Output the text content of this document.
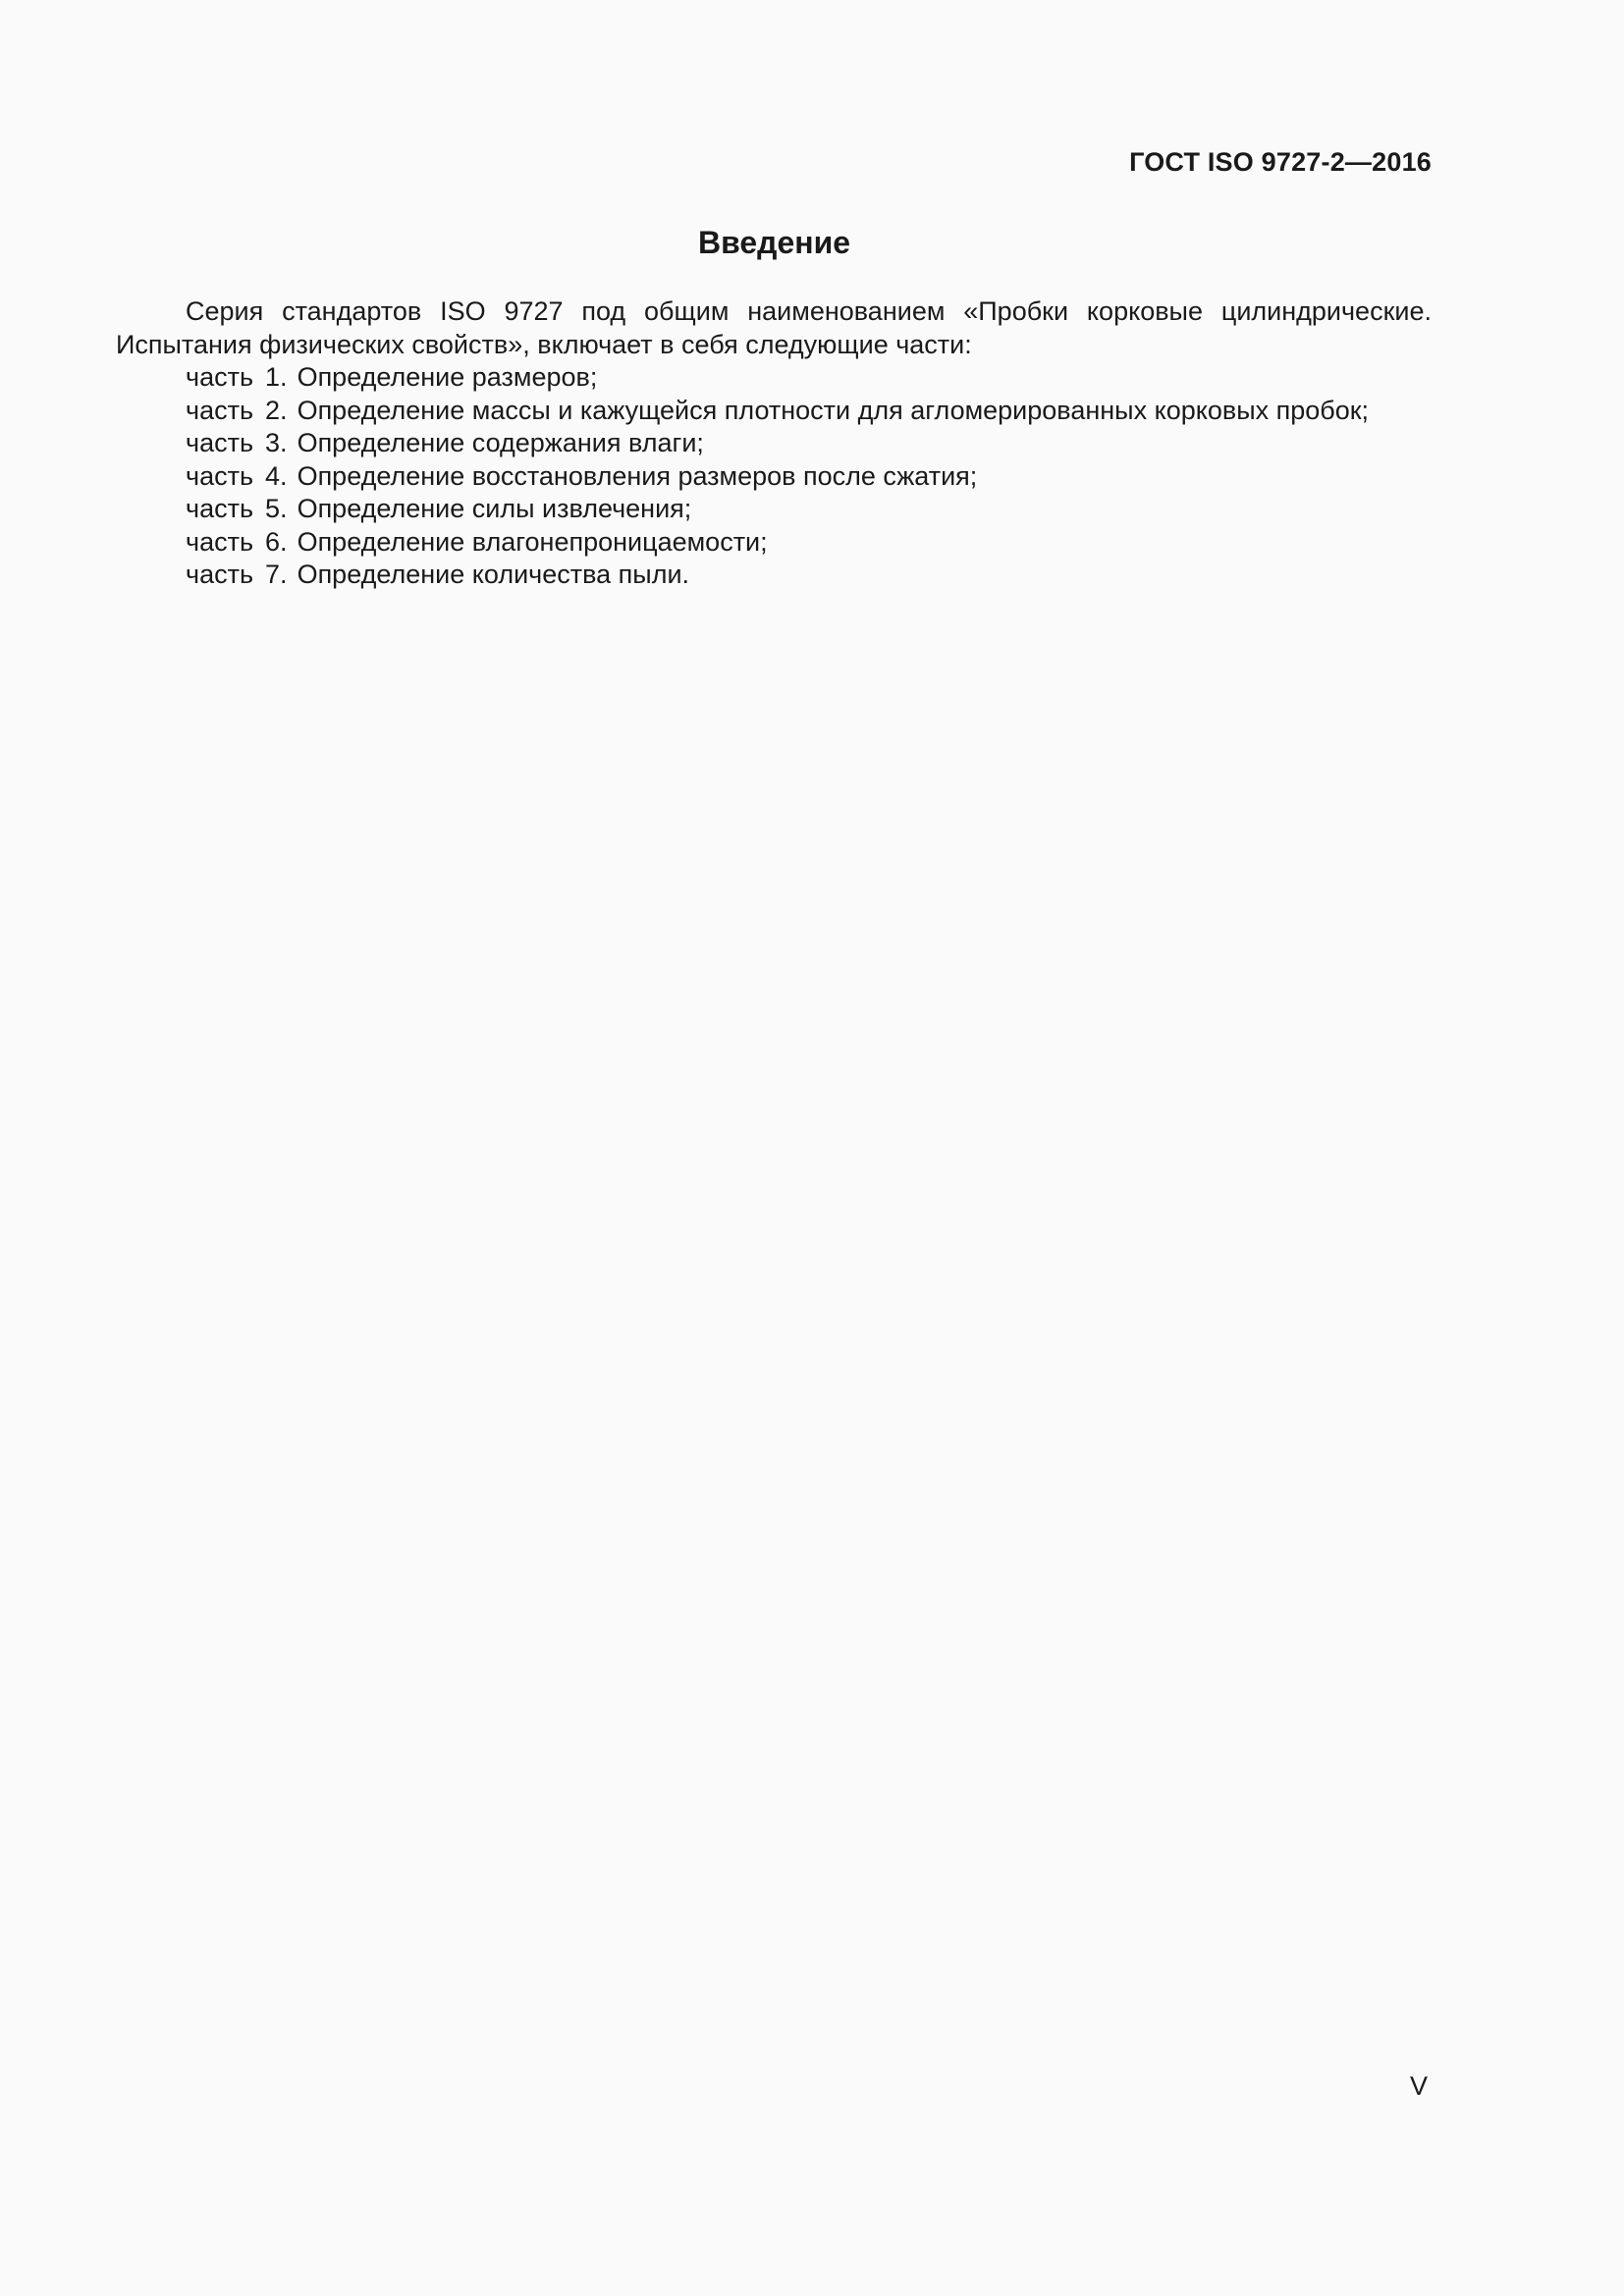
ГОСТ ISO 9727-2—2016
Введение

Серия стандартов ISO 9727 под общим наименованием «Пробки корковые цилиндрические. Испытания физических свойств», включает в себя следующие части:

часть 1. Определение размеров;
часть 2. Определение массы и кажущейся плотности для агломерированных корковых пробок;
часть 3. Определение содержания влаги;
часть 4. Определение восстановления размеров после сжатия;
часть 5. Определение силы извлечения;
часть 6. Определение влагонепроницаемости;
часть 7. Определение количества пыли.
V
